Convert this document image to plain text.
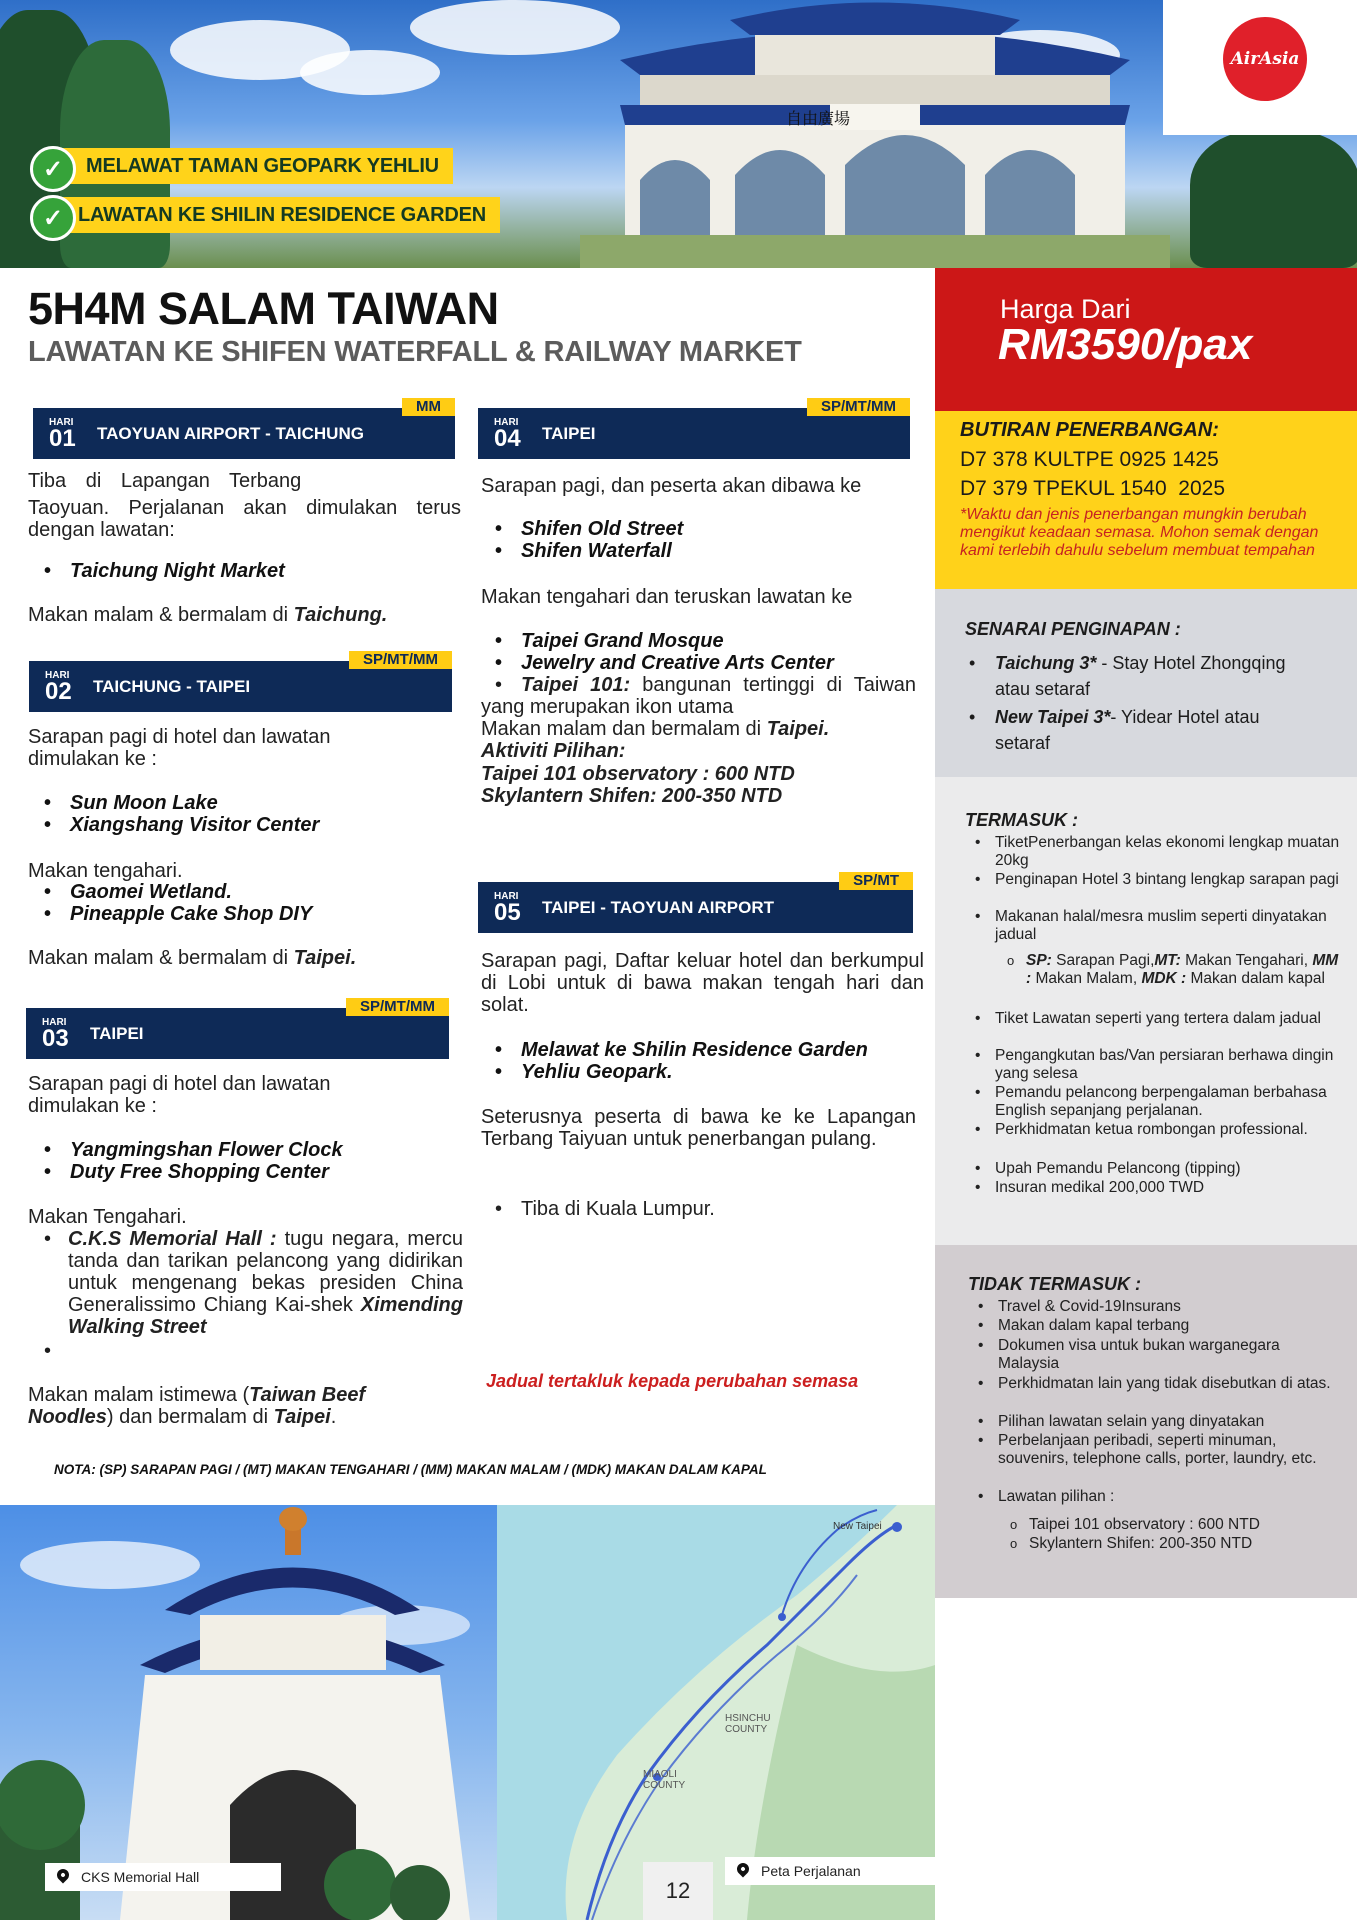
自由廣場
MELAWAT TAMAN GEOPARK YEHLIU
✓
LAWATAN KE SHILIN RESIDENCE GARDEN
✓
AirAsia
5H4M SALAM TAIWAN
LAWATAN KE SHIFEN WATERFALL & RAILWAY MARKET
MM
HARI
01 TAOYUAN AIRPORT - TAICHUNG
Tiba di Lapangan Terbang
Taoyuan. Perjalanan akan dimulakan terus dengan lawatan:
• Taichung Night Market
Makan malam & bermalam di Taichung.
SP/MT/MM
HARI
02 TAICHUNG - TAIPEI
Sarapan pagi di hotel dan lawatan dimulakan ke :
• Sun Moon Lake
• Xiangshang Visitor Center
Makan tengahari.
• Gaomei Wetland.
• Pineapple Cake Shop DIY
Makan malam & bermalam di Taipei.
SP/MT/MM
HARI
03 TAIPEI
Sarapan pagi di hotel dan lawatan dimulakan ke :
• Yangmingshan Flower Clock
• Duty Free Shopping Center
Makan Tengahari.
C.K.S Memorial Hall : tugu negara, mercu tanda dan tarikan pelancong yang didirikan untuk mengenang bekas presiden China Generalissimo Chiang Kai-shek Ximending Walking Street
•
•
Makan malam istimewa (Taiwan Beef Noodles) dan bermalam di Taipei.
SP/MT/MM
HARI
04 TAIPEI
Sarapan pagi, dan peserta akan dibawa ke
• Shifen Old Street
• Shifen Waterfall
Makan tengahari dan teruskan lawatan ke
• Taipei Grand Mosque
• Jewelry and Creative Arts Center
• Taipei 101: bangunan tertinggi di Taiwan yang merupakan ikon utama
Makan malam dan bermalam di Taipei.
Aktiviti Pilihan:
Taipei 101 observatory : 600 NTD
Skylantern Shifen: 200-350 NTD
SP/MT
HARI
05 TAIPEI - TAOYUAN AIRPORT
Sarapan pagi, Daftar keluar hotel dan berkumpul di Lobi untuk di bawa makan tengah hari dan solat.
• Melawat ke Shilin Residence Garden
• Yehliu Geopark.
Seterusnya peserta di bawa ke ke Lapangan Terbang Taiyuan untuk penerbangan pulang.
• Tiba di Kuala Lumpur.
Jadual tertakluk kepada perubahan semasa
NOTA: (SP) SARAPAN PAGI / (MT) MAKAN TENGAHARI / (MM) MAKAN MALAM / (MDK) MAKAN DALAM KAPAL
Harga Dari
RM3590/pax
BUTIRAN PENERBANGAN:
D7 378 KULTPE 0925 1425
D7 379 TPEKUL 1540  2025
*Waktu dan jenis penerbangan mungkin berubah mengikut keadaan semasa. Mohon semak dengan kami terlebih dahulu sebelum membuat tempahan
SENARAI PENGINAPAN :
• Taichung 3* - Stay Hotel Zhongqing atau setaraf
• New Taipei 3*- Yidear Hotel atau setaraf
TERMASUK :
• TiketPenerbangan kelas ekonomi lengkap muatan 20kg
• Penginapan Hotel 3 bintang lengkap sarapan pagi
• Makanan halal/mesra muslim seperti dinyatakan jadual
o SP: Sarapan Pagi,MT: Makan Tengahari, MM : Makan Malam, MDK : Makan dalam kapal
• Tiket Lawatan seperti yang tertera dalam jadual
• Pengangkutan bas/Van persiaran berhawa dingin yang selesa
• Pemandu pelancong berpengalaman berbahasa English sepanjang perjalanan.
• Perkhidmatan ketua rombongan professional.
• Upah Pemandu Pelancong (tipping)
• Insuran medikal 200,000 TWD
TIDAK TERMASUK :
• Travel & Covid-19Insurans
• Makan dalam kapal terbang
• Dokumen visa untuk bukan warganegara Malaysia
• Perkhidmatan lain yang tidak disebutkan di atas.
• Pilihan lawatan selain yang dinyatakan
• Perbelanjaan peribadi, seperti minuman, souvenirs, telephone calls, porter, laundry, etc.
• Lawatan pilihan :
o Taipei 101 observatory : 600 NTD
o Skylantern Shifen: 200-350 NTD
CKS Memorial Hall
New Taipei
HSINCHU COUNTY
MIAOLI COUNTY
Peta Perjalanan
12
